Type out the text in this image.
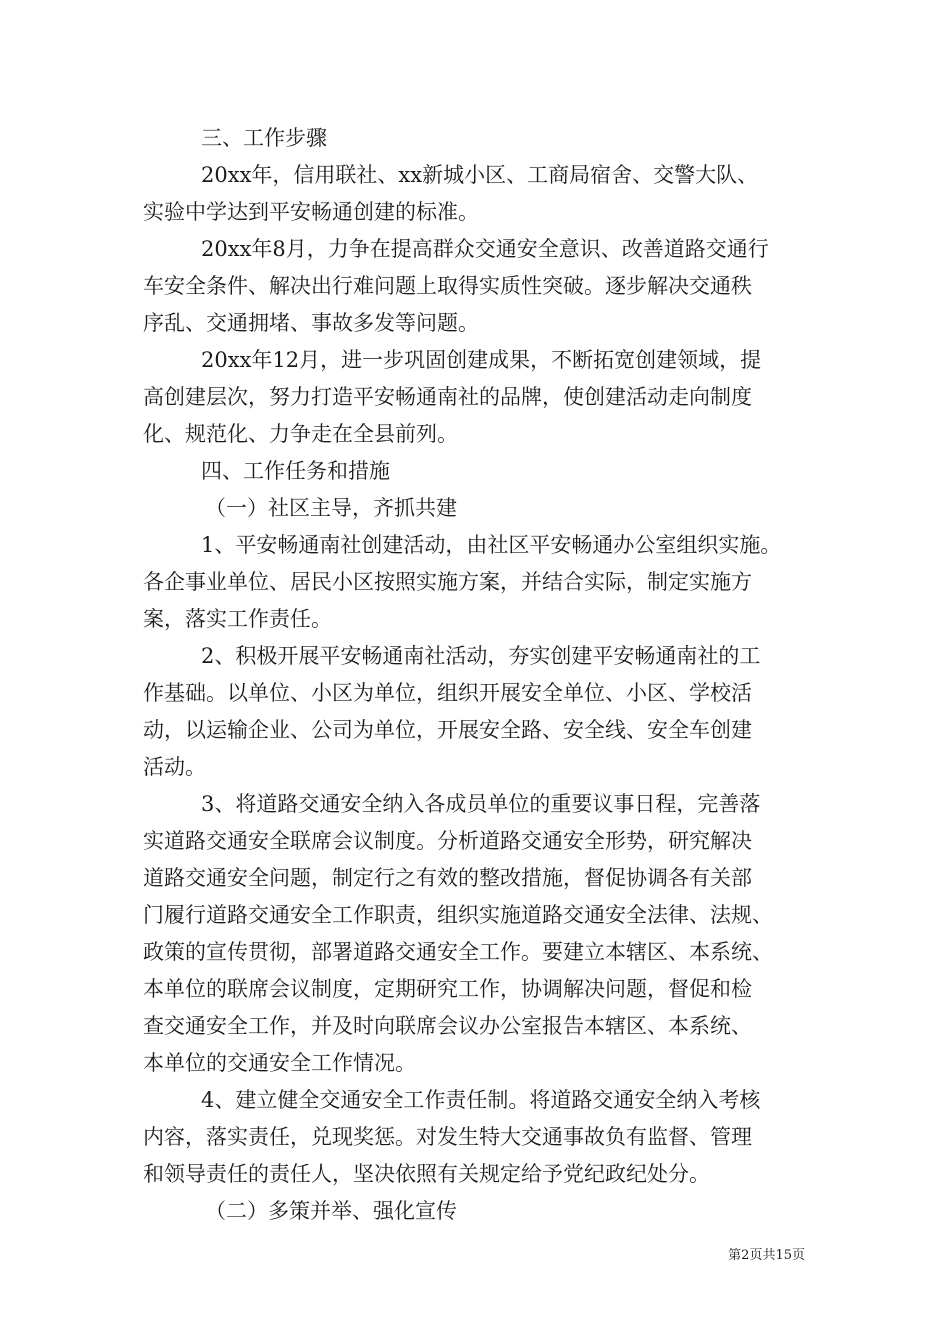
三、工作步骤
20xx年，信用联社、xx新城小区、工商局宿舍、交警大队、
实验中学达到平安畅通创建的标准。
20xx年8月，力争在提高群众交通安全意识、改善道路交通行
车安全条件、解决出行难问题上取得实质性突破。逐步解决交通秩
序乱、交通拥堵、事故多发等问题。
20xx年12月，进一步巩固创建成果，不断拓宽创建领域，提
高创建层次，努力打造平安畅通南社的品牌，使创建活动走向制度
化、规范化、力争走在全县前列。
四、工作任务和措施
（一）社区主导，齐抓共建
1、平安畅通南社创建活动，由社区平安畅通办公室组织实施。
各企事业单位、居民小区按照实施方案，并结合实际，制定实施方
案，落实工作责任。
2、积极开展平安畅通南社活动，夯实创建平安畅通南社的工
作基础。以单位、小区为单位，组织开展安全单位、小区、学校活
动，以运输企业、公司为单位，开展安全路、安全线、安全车创建
活动。
3、将道路交通安全纳入各成员单位的重要议事日程，完善落
实道路交通安全联席会议制度。分析道路交通安全形势，研究解决
道路交通安全问题，制定行之有效的整改措施，督促协调各有关部
门履行道路交通安全工作职责，组织实施道路交通安全法律、法规、
政策的宣传贯彻，部署道路交通安全工作。要建立本辖区、本系统、
本单位的联席会议制度，定期研究工作，协调解决问题，督促和检
查交通安全工作，并及时向联席会议办公室报告本辖区、本系统、
本单位的交通安全工作情况。
4、建立健全交通安全工作责任制。将道路交通安全纳入考核
内容，落实责任，兑现奖惩。对发生特大交通事故负有监督、管理
和领导责任的责任人，坚决依照有关规定给予党纪政纪处分。
（二）多策并举、强化宣传
第2页共15页
